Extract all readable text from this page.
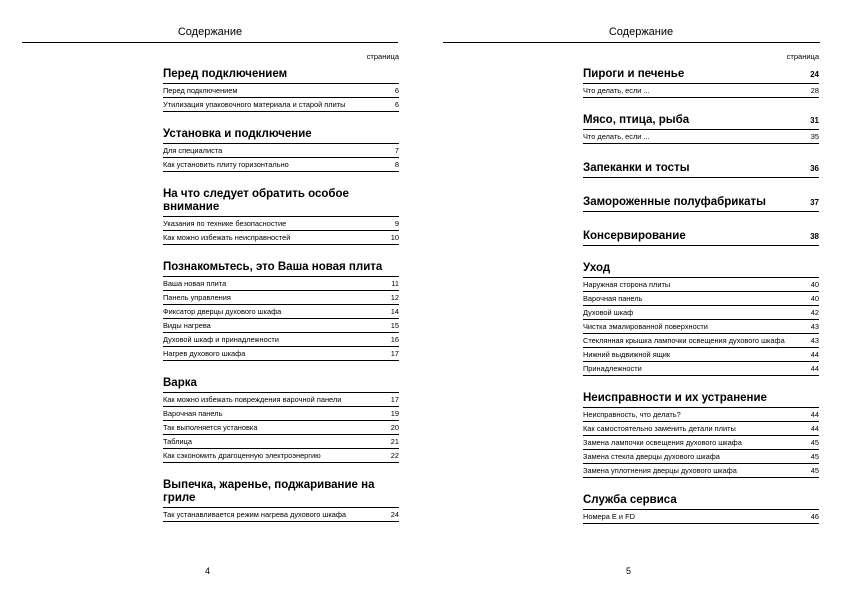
Содержание
страница
Перед подключением
Перед подключением	6
Утилизация упаковочного материала и старой плиты	6
Установка и подключение
Для специалиста	7
Как установить плиту горизонтально	8
На что следует обратить особое внимание
Указания по технике безопасностие	9
Как можно избежать неисправностей	10
Познакомьтесь, это Ваша новая плита
Ваша новая плита	11
Панель управления	12
Фиксатор дверцы духового шкафа	14
Виды нагрева	15
Духовой шкаф и принадлежности	16
Нагрев духового шкафа	17
Варка
Как можно избежать повреждения варочной панели	17
Варочная панель	19
Так выполняется установка	20
Таблица	21
Как сэкономить драгоценную электроэнергию	22
Выпечка, жаренье, поджаривание на гриле
Так устанавливается режим нагрева духового шкафа	24
4
Содержание
страница
Пироги и печенье	24
Что делать, если ...	28
Мясо, птица, рыба	31
Что делать, если ...	35
Запеканки и тосты	36
Замороженные полуфабрикаты	37
Консервирование	38
Уход
Наружная сторона плиты	40
Варочная панель	40
Духовой шкаф	42
Чистка эмалированной поверхности	43
Стеклянная крышка лампочки освещения духового шкафа	43
Нижний выдвижной ящик	44
Принадлежности	44
Неисправности и их устранение
Неисправность, что делать?	44
Как самостоятельно заменить детали плиты	44
Замена лампочки освещения духового шкафа	45
Замена стекла дверцы духового шкафа	45
Замена уплотнения дверцы духового шкафа	45
Служба сервиса
Номера Е и FD	46
5
